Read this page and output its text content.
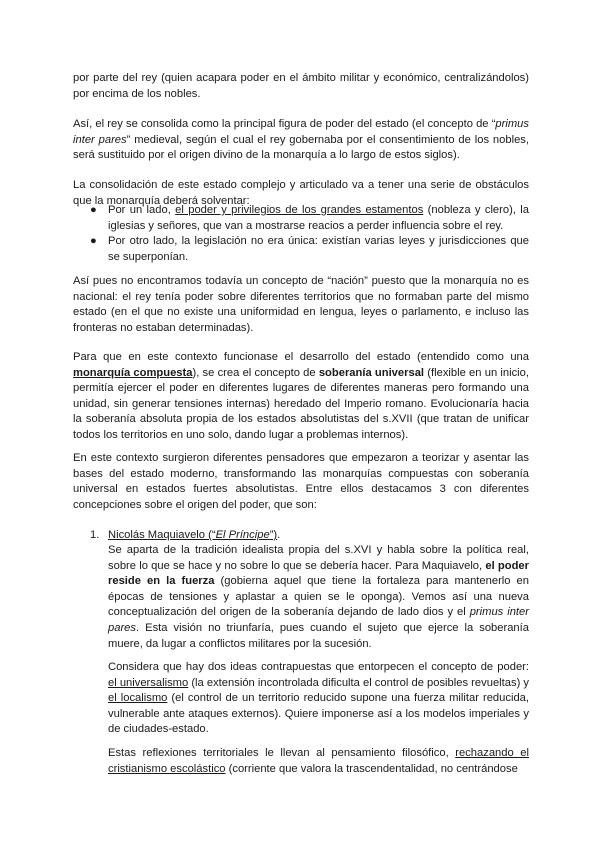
por parte del rey (quien acapara poder en el ámbito militar y económico, centralizándolos) por encima de los nobles.

Así, el rey se consolida como la principal figura de poder del estado (el concepto de “primus inter pares” medieval, según el cual el rey gobernaba por el consentimiento de los nobles, será sustituido por el origen divino de la monarquía a lo largo de estos siglos).

La consolidación de este estado complejo y articulado va a tener una serie de obstáculos que la monarquía deberá solventar:

● Por un lado, el poder y privilegios de los grandes estamentos (nobleza y clero), la iglesias y señores, que van a mostrarse reacios a perder influencia sobre el rey.

● Por otro lado, la legislación no era única: existían varias leyes y jurisdicciones que se superponían.

Así pues no encontramos todavía un concepto de “nación” puesto que la monarquía no es nacional: el rey tenía poder sobre diferentes territorios que no formaban parte del mismo estado (en el que no existe una uniformidad en lengua, leyes o parlamento, e incluso las fronteras no estaban determinadas).

Para que en este contexto funcionase el desarrollo del estado (entendido como una monarquía compuesta), se crea el concepto de soberanía universal (flexible en un inicio, permitía ejercer el poder en diferentes lugares de diferentes maneras pero formando una unidad, sin generar tensiones internas) heredado del Imperio romano. Evolucionaría hacia la soberanía absoluta propia de los estados absolutistas del s.XVII (que tratan de unificar todos los territorios en uno solo, dando lugar a problemas internos).

En este contexto surgieron diferentes pensadores que empezaron a teorizar y asentar las bases del estado moderno, transformando las monarquías compuestas con soberanía universal en estados fuertes absolutistas. Entre ellos destacamos 3 con diferentes concepciones sobre el origen del poder, que son:

1. Nicolás Maquiavelo (“El Príncipe”).

Se aparta de la tradición idealista propia del s.XVI y habla sobre la política real, sobre lo que se hace y no sobre lo que se debería hacer. Para Maquiavelo, el poder reside en la fuerza (gobierna aquel que tiene la fortaleza para mantenerlo en épocas de tensiones y aplastar a quien se le oponga). Vemos así una nueva conceptualización del origen de la soberanía dejando de lado dios y el primus inter pares. Esta visión no triunfaría, pues cuando el sujeto que ejerce la soberanía muere, da lugar a conflictos militares por la sucesión.

Considera que hay dos ideas contrapuestas que entorpecen el concepto de poder: el universalismo (la extensión incontrolada dificulta el control de posibles revueltas) y el localismo (el control de un territorio reducido supone una fuerza militar reducida, vulnerable ante ataques externos). Quiere imponerse así a los modelos imperiales y de ciudades-estado.

Estas reflexiones territoriales le llevan al pensamiento filosófico, rechazando el cristianismo escolástico (corriente que valora la trascendentalidad, no centrándose
